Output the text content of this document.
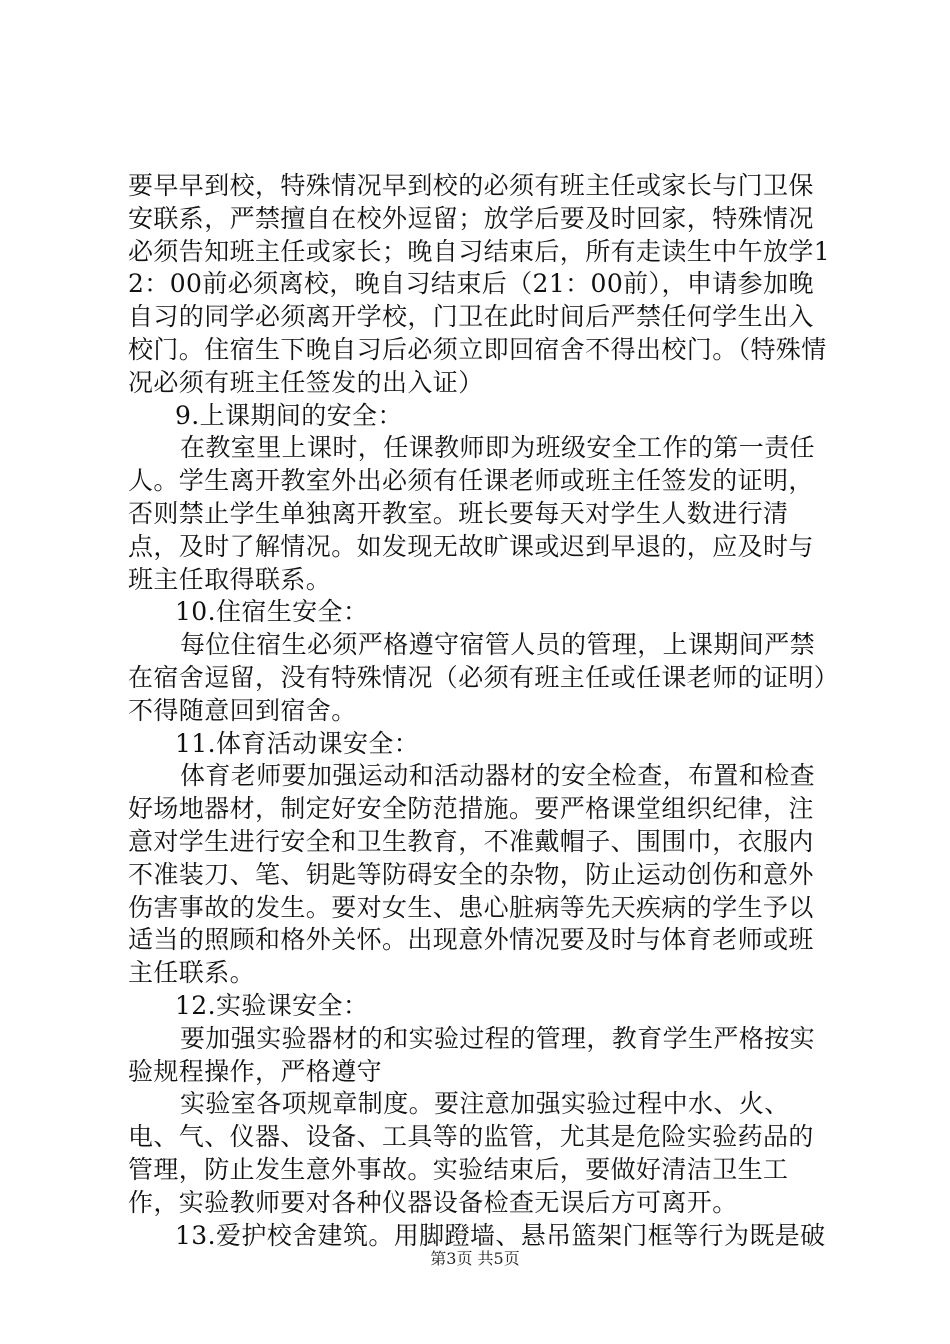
要早早到校，特殊情况早到校的必须有班主任或家长与门卫保安联系，严禁擅自在校外逗留；放学后要及时回家，特殊情况必须告知班主任或家长；晚自习结束后，所有走读生中午放学12：00前必须离校，晚自习结束后（21：00前），申请参加晚自习的同学必须离开学校，门卫在此时间后严禁任何学生出入校门。住宿生下晚自习后必须立即回宿舍不得出校门。（特殊情况必须有班主任签发的出入证）

9.上课期间的安全：

在教室里上课时，任课教师即为班级安全工作的第一责任人。学生离开教室外出必须有任课老师或班主任签发的证明，否则禁止学生单独离开教室。班长要每天对学生人数进行清点，及时了解情况。如发现无故旷课或迟到早退的，应及时与班主任取得联系。

10.住宿生安全：

每位住宿生必须严格遵守宿管人员的管理，上课期间严禁在宿舍逗留，没有特殊情况（必须有班主任或任课老师的证明）不得随意回到宿舍。

11.体育活动课安全：

体育老师要加强运动和活动器材的安全检查，布置和检查好场地器材，制定好安全防范措施。要严格课堂组织纪律，注意对学生进行安全和卫生教育，不准戴帽子、围围巾，衣服内不准装刀、笔、钥匙等防碍安全的杂物，防止运动创伤和意外伤害事故的发生。要对女生、患心脏病等先天疾病的学生予以适当的照顾和格外关怀。出现意外情况要及时与体育老师或班主任联系。

12.实验课安全：

要加强实验器材的和实验过程的管理，教育学生严格按实验规程操作，严格遵守

实验室各项规章制度。要注意加强实验过程中水、火、电、气、仪器、设备、工具等的监管，尤其是危险实验药品的管理，防止发生意外事故。实验结束后，要做好清洁卫生工作，实验教师要对各种仪器设备检查无误后方可离开。

13.爱护校舍建筑。用脚蹬墙、悬吊篮架门框等行为既是破

第3页 共5页
